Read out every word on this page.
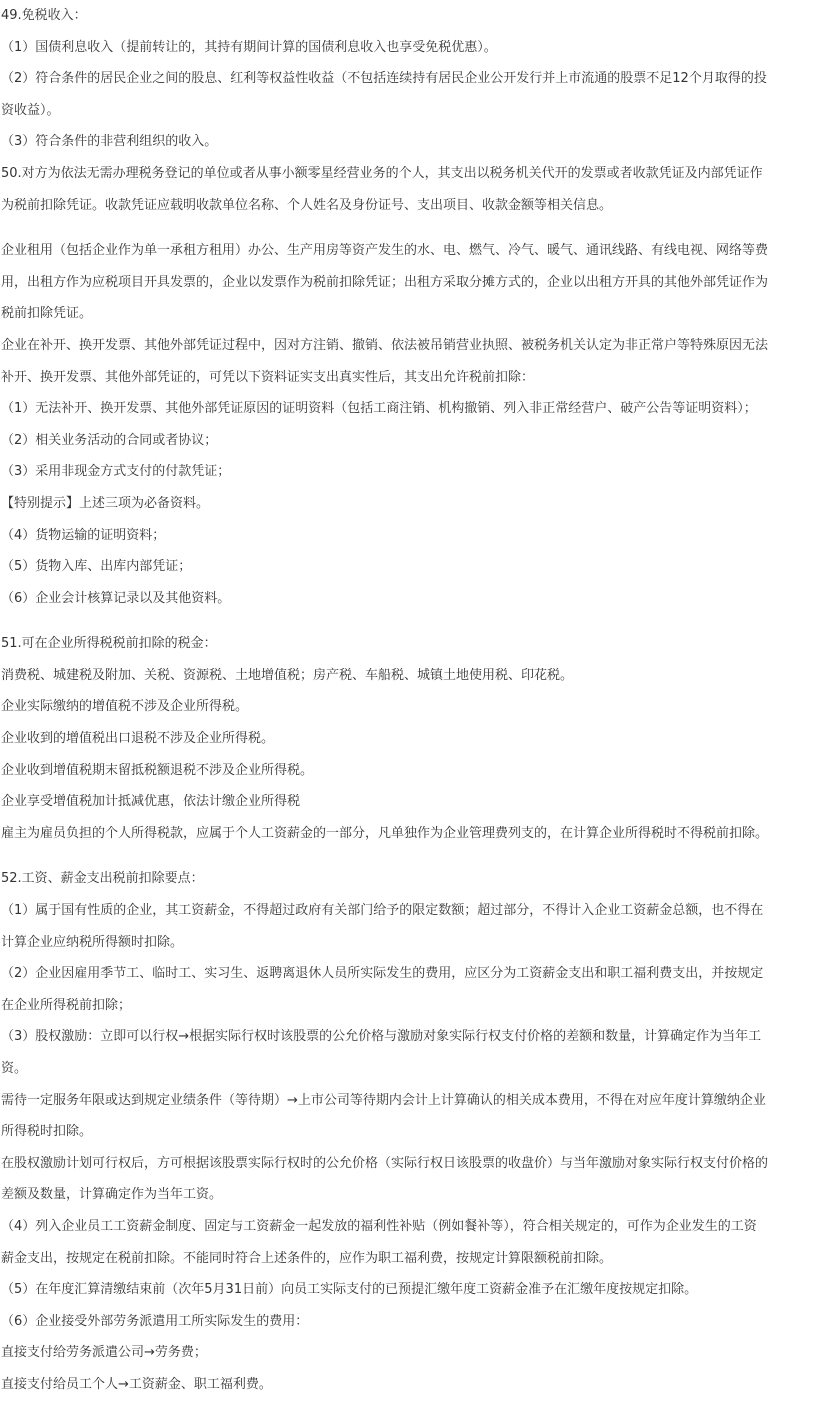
49.免税收入：
（1）国债利息收入（提前转让的，其持有期间计算的国债利息收入也享受免税优惠）。
（2）符合条件的居民企业之间的股息、红利等权益性收益（不包括连续持有居民企业公开发行并上市流通的股票不足12个月取得的投
资收益）。
（3）符合条件的非营利组织的收入。
50.对方为依法无需办理税务登记的单位或者从事小额零星经营业务的个人，其支出以税务机关代开的发票或者收款凭证及内部凭证作
为税前扣除凭证。收款凭证应载明收款单位名称、个人姓名及身份证号、支出项目、收款金额等相关信息。
企业租用（包括企业作为单一承租方租用）办公、生产用房等资产发生的水、电、燃气、冷气、暖气、通讯线路、有线电视、网络等费
用，出租方作为应税项目开具发票的，企业以发票作为税前扣除凭证；出租方采取分摊方式的，企业以出租方开具的其他外部凭证作为
税前扣除凭证。
企业在补开、换开发票、其他外部凭证过程中，因对方注销、撤销、依法被吊销营业执照、被税务机关认定为非正常户等特殊原因无法
补开、换开发票、其他外部凭证的，可凭以下资料证实支出真实性后，其支出允许税前扣除：
（1）无法补开、换开发票、其他外部凭证原因的证明资料（包括工商注销、机构撤销、列入非正常经营户、破产公告等证明资料）；
（2）相关业务活动的合同或者协议；
（3）采用非现金方式支付的付款凭证；
【特别提示】上述三项为必备资料。
（4）货物运输的证明资料；
（5）货物入库、出库内部凭证；
（6）企业会计核算记录以及其他资料。
51.可在企业所得税税前扣除的税金：
消费税、城建税及附加、关税、资源税、土地增值税；房产税、车船税、城镇土地使用税、印花税。
企业实际缴纳的增值税不涉及企业所得税。
企业收到的增值税出口退税不涉及企业所得税。
企业收到增值税期末留抵税额退税不涉及企业所得税。
企业享受增值税加计抵减优惠，依法计缴企业所得税
雇主为雇员负担的个人所得税款，应属于个人工资薪金的一部分，凡单独作为企业管理费列支的，在计算企业所得税时不得税前扣除。
52.工资、薪金支出税前扣除要点：
（1）属于国有性质的企业，其工资薪金，不得超过政府有关部门给予的限定数额；超过部分，不得计入企业工资薪金总额，也不得在
计算企业应纳税所得额时扣除。
（2）企业因雇用季节工、临时工、实习生、返聘离退休人员所实际发生的费用，应区分为工资薪金支出和职工福利费支出，并按规定
在企业所得税前扣除；
（3）股权激励：立即可以行权→根据实际行权时该股票的公允价格与激励对象实际行权支付价格的差额和数量，计算确定作为当年工
资。
需待一定服务年限或达到规定业绩条件（等待期）→上市公司等待期内会计上计算确认的相关成本费用，不得在对应年度计算缴纳企业
所得税时扣除。
在股权激励计划可行权后，方可根据该股票实际行权时的公允价格（实际行权日该股票的收盘价）与当年激励对象实际行权支付价格的
差额及数量，计算确定作为当年工资。
（4）列入企业员工工资薪金制度、固定与工资薪金一起发放的福利性补贴（例如餐补等），符合相关规定的，可作为企业发生的工资
薪金支出，按规定在税前扣除。不能同时符合上述条件的，应作为职工福利费，按规定计算限额税前扣除。
（5）在年度汇算清缴结束前（次年5月31日前）向员工实际支付的已预提汇缴年度工资薪金准予在汇缴年度按规定扣除。
（6）企业接受外部劳务派遣用工所实际发生的费用：
直接支付给劳务派遣公司→劳务费；
直接支付给员工个人→工资薪金、职工福利费。
